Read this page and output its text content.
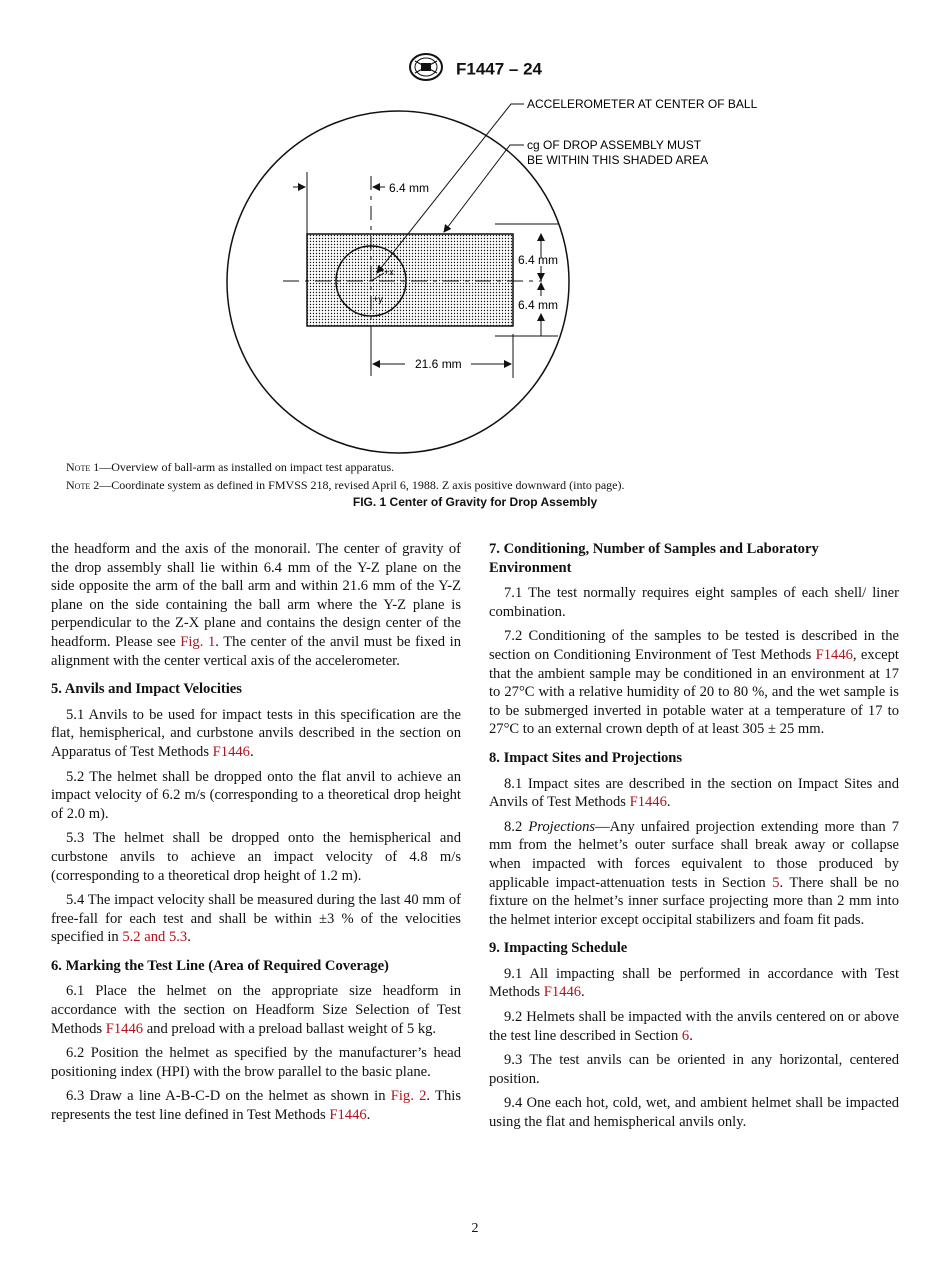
F1447 – 24
6.4 mm
6.4 mm
6.4 mm
21.6 mm
+x
+y
ACCELEROMETER AT CENTER OF BALL
cg OF DROP ASSEMBLY MUST
BE WITHIN THIS SHADED AREA
Note 1—Overview of ball-arm as installed on impact test apparatus.
Note 2—Coordinate system as defined in FMVSS 218, revised April 6, 1988. Z axis positive downward (into page).
FIG. 1 Center of Gravity for Drop Assembly

the headform and the axis of the monorail. The center of gravity of the drop assembly shall lie within 6.4 mm of the Y-Z plane on the side opposite the arm of the ball arm and within 21.6 mm of the Y-Z plane on the side containing the ball arm where the Y-Z plane is perpendicular to the Z-X plane and contains the design center of the headform. Please see Fig. 1. The center of the anvil must be fixed in alignment with the center vertical axis of the accelerometer.

5. Anvils and Impact Velocities

5.1 Anvils to be used for impact tests in this specification are the flat, hemispherical, and curbstone anvils described in the section on Apparatus of Test Methods F1446.

5.2 The helmet shall be dropped onto the flat anvil to achieve an impact velocity of 6.2 m/s (corresponding to a theoretical drop height of 2.0 m).

5.3 The helmet shall be dropped onto the hemispherical and curbstone anvils to achieve an impact velocity of 4.8 m/s (corresponding to a theoretical drop height of 1.2 m).

5.4 The impact velocity shall be measured during the last 40 mm of free-fall for each test and shall be within ±3 % of the velocities specified in 5.2 and 5.3.

6. Marking the Test Line (Area of Required Coverage)

6.1 Place the helmet on the appropriate size headform in accordance with the section on Headform Size Selection of Test Methods F1446 and preload with a preload ballast weight of 5 kg.

6.2 Position the helmet as specified by the manufacturer’s head positioning index (HPI) with the brow parallel to the basic plane.

6.3 Draw a line A-B-C-D on the helmet as shown in Fig. 2. This represents the test line defined in Test Methods F1446.

7. Conditioning, Number of Samples and Laboratory Environment

7.1 The test normally requires eight samples of each shell/ liner combination.

7.2 Conditioning of the samples to be tested is described in the section on Conditioning Environment of Test Methods F1446, except that the ambient sample may be conditioned in an environment at 17 to 27°C with a relative humidity of 20 to 80 %, and the wet sample is to be submerged inverted in potable water at a temperature of 17 to 27°C to an external crown depth of at least 305 ± 25 mm.

8. Impact Sites and Projections

8.1 Impact sites are described in the section on Impact Sites and Anvils of Test Methods F1446.

8.2 Projections—Any unfaired projection extending more than 7 mm from the helmet’s outer surface shall break away or collapse when impacted with forces equivalent to those produced by applicable impact-attenuation tests in Section 5. There shall be no fixture on the helmet’s inner surface projecting more than 2 mm into the helmet interior except occipital stabilizers and foam fit pads.

9. Impacting Schedule

9.1 All impacting shall be performed in accordance with Test Methods F1446.

9.2 Helmets shall be impacted with the anvils centered on or above the test line described in Section 6.

9.3 The test anvils can be oriented in any horizontal, centered position.

9.4 One each hot, cold, wet, and ambient helmet shall be impacted using the flat and hemispherical anvils only.

2
